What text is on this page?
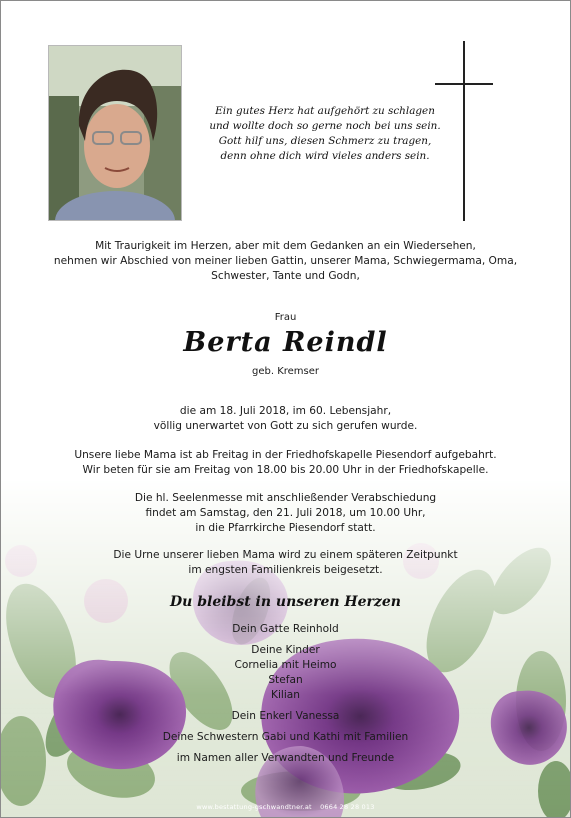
Ein gutes Herz hat aufgehört zu schlagen
und wollte doch so gerne noch bei uns sein.
Gott hilf uns, diesen Schmerz zu tragen,
denn ohne dich wird vieles anders sein.
Mit Traurigkeit im Herzen, aber mit dem Gedanken an ein Wiedersehen,
nehmen wir Abschied von meiner lieben Gattin, unserer Mama, Schwiegermama, Oma,
Schwester, Tante und Godn,
Frau
Berta Reindl
geb. Kremser
die am 18. Juli 2018, im 60. Lebensjahr,
völlig unerwartet von Gott zu sich gerufen wurde.
Unsere liebe Mama ist ab Freitag in der Friedhofskapelle Piesendorf aufgebahrt.
Wir beten für sie am Freitag von 18.00 bis 20.00 Uhr in der Friedhofskapelle.
Die hl. Seelenmesse mit anschließender Verabschiedung
findet am Samstag, den 21. Juli 2018, um 10.00 Uhr,
in die Pfarrkirche Piesendorf statt.
Die Urne unserer lieben Mama wird zu einem späteren Zeitpunkt
im engsten Familienkreis beigesetzt.
Du bleibst in unseren Herzen
Dein Gatte Reinhold
Deine Kinder
Cornelia mit Heimo
Stefan
Kilian
Dein Enkerl Vanessa
Deine Schwestern Gabi und Kathi mit Familien
im Namen aller Verwandten und Freunde
www.bestattung-gschwandtner.at 0664 28 28 013
